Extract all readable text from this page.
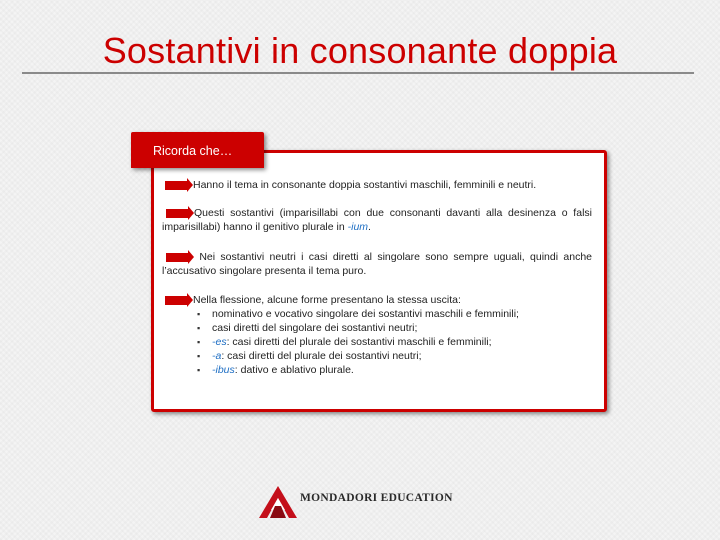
Sostantivi in consonante doppia
Ricorda che…
Hanno il tema in consonante doppia sostantivi maschili, femminili e neutri.
Questi sostantivi (imparisillabi con due consonanti davanti alla desinenza o falsi imparisillabi) hanno il genitivo plurale in -ium.
Nei sostantivi neutri i casi diretti al singolare sono sempre uguali, quindi anche l’accusativo singolare presenta il tema puro.
Nella flessione, alcune forme presentano la stessa uscita:
▪ nominativo e vocativo singolare dei sostantivi maschili e femminili;
▪ casi diretti del singolare dei sostantivi neutri;
▪ -es: casi diretti del plurale dei sostantivi maschili e femminili;
▪ -a: casi diretti del plurale dei sostantivi neutri;
▪ -ibus: dativo e ablativo plurale.
MONDADORI EDUCATION
